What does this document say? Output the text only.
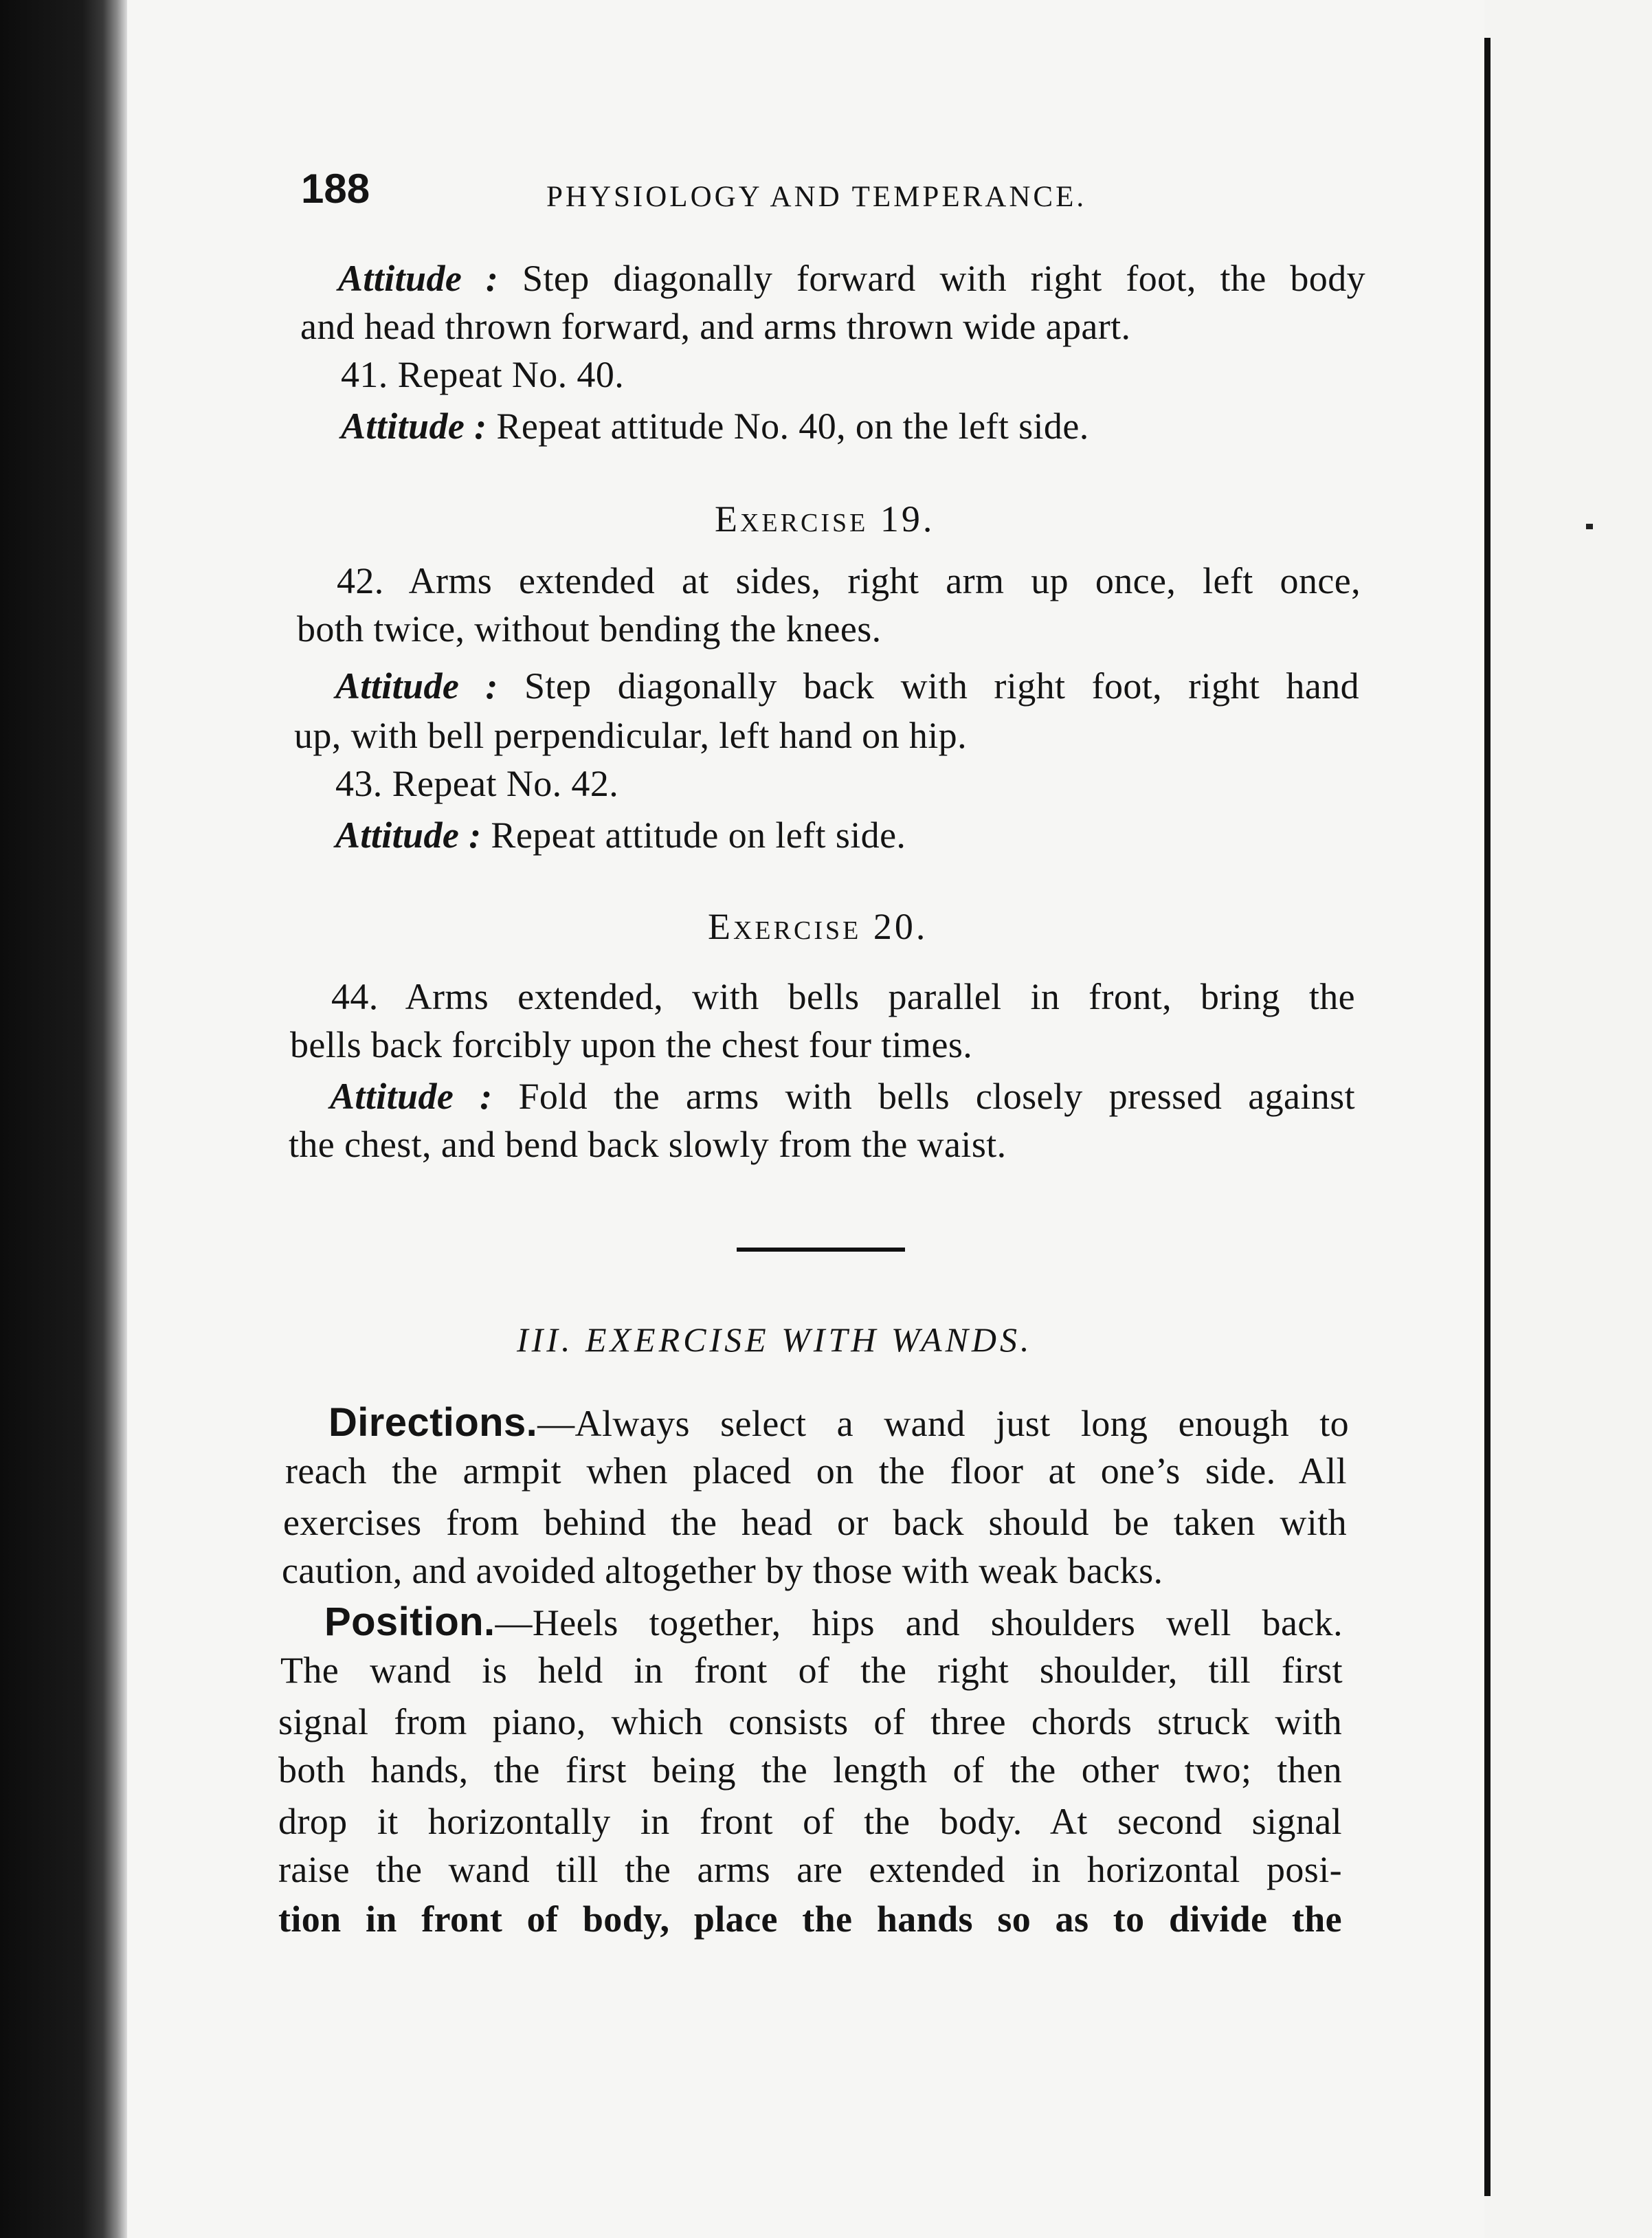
188	PHYSIOLOGY AND TEMPERANCE.
Attitude : Step diagonally forward with right foot, the body
and head thrown forward, and arms thrown wide apart.
41. Repeat No. 40.
Attitude : Repeat attitude No. 40, on the left side.
Exercise 19.
42. Arms extended at sides, right arm up once, left once,
both twice, without bending the knees.
Attitude : Step diagonally back with right foot, right hand
up, with bell perpendicular, left hand on hip.
43. Repeat No. 42.
Attitude : Repeat attitude on left side.
Exercise 20.
44. Arms extended, with bells parallel in front, bring the
bells back forcibly upon the chest four times.
Attitude : Fold the arms with bells closely pressed against
the chest, and bend back slowly from the waist.
III. EXERCISE WITH WANDS.
Directions.—Always select a wand just long enough to
reach the armpit when placed on the floor at one’s side. All
exercises from behind the head or back should be taken with
caution, and avoided altogether by those with weak backs.
Position.—Heels together, hips and shoulders well back.
The wand is held in front of the right shoulder, till first
signal from piano, which consists of three chords struck with
both hands, the first being the length of the other two; then
drop it horizontally in front of the body. At second signal
raise the wand till the arms are extended in horizontal posi-
tion in front of body, place the hands so as to divide the
